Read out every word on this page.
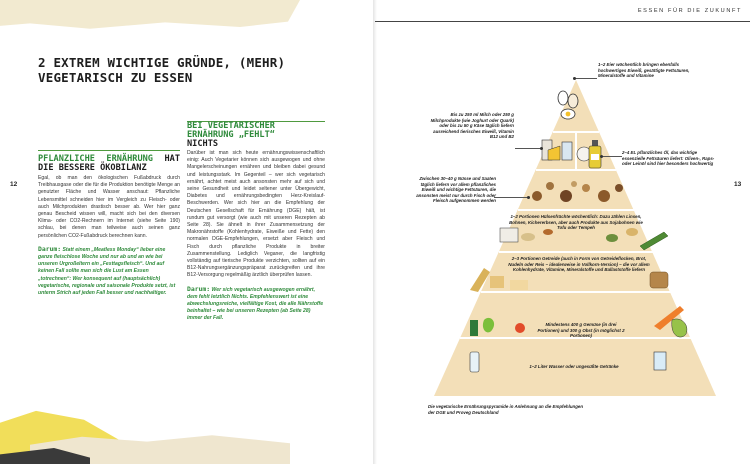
2 EXTREM WICHTIGE GRÜNDE, (MEHR)
VEGETARISCH ZU ESSEN
12
PFLANZLICHE ERNÄHRUNG HAT DIE BESSERE ÖKOBILANZ
Egal, ob man den ökologischen Fußabdruck durch Treibhausgase oder die für die Produktion benötigte Menge an genutzter Fläche und Wasser anschaut: Pflanzliche Lebensmittel schneiden hier im Vergleich zu Fleisch- oder auch Milchprodukten drastisch besser ab. Wer hier ganz genau Bescheid wissen will, macht sich bei den diversen Klima- oder CO2-Rechnern im Internet (siehe Seite 190) schlau, bei denen man teilweise auch seinen ganz persönlichen CO2-Fußabdruck berechnen kann.
Darum: Statt einem „Meatless Monday“ lieber eine ganze fleischlose Woche und nur ab und an wie bei unseren Urgroßeltern ein „Festtagsfleisch“. Und auf keinen Fall sollte man sich die Lust am Essen „totrechnen“: Wer konsequent auf (hauptsächlich) vegetarische, regionale und saisonale Produkte setzt, ist unterm Strich auf jeden Fall besser und nachhaltiger.
BEI VEGETARISCHER ERNÄHRUNG „FEHLT“
NICHTS
Darüber ist man sich heute ernährungswissenschaftlich einig: Auch Vegetarier können sich ausgewogen und ohne Mangelerscheinungen ernähren und bleiben dabei gesund und leistungsstark. Im Gegenteil – wer sich vegetarisch ernährt, achtet meist auch ansonsten mehr auf sich und seine Gesundheit und leidet seltener unter Übergewicht, Diabetes und ernährungsbedingten Herz-Kreislauf-Beschwerden. Wer sich hier an die Empfehlung der Deutschen Gesellschaft für Ernährung (DGE) hält, ist rundum gut versorgt (wie auch mit unseren Rezepten ab Seite 28). Sie ähnelt in ihrer Zusammensetzung der Makronährstoffe (Kohlenhydrate, Eiweiße und Fette) den normalen DGE-Empfehlungen, ersetzt aber Fleisch und Fisch durch pflanzliche Produkte in breiter Zusammenstellung. Lediglich Veganer, die langfristig vollständig auf tierische Produkte verzichten, sollten auf ein B12-Nahrungsergänzungspräparat zurückgreifen und ihre B12-Versorgung regelmäßig ärztlich überprüfen lassen.
Darum: Wer sich vegetarisch ausgewogen ernährt, dem fehlt letztlich Nichts. Empfehlenswert ist eine abwechslungsreiche, vielfältige Kost, die alle Nährstoffe beinhaltet – wie bei unseren Rezepten (ab Seite 28) immer der Fall.
ESSEN FÜR DIE ZUKUNFT
13
1–2 Eier wöchentlich bringen ebenfalls hochwertiges Eiweiß, gesättigte Fettsäuren, Mineralstoffe und Vitamine
Bis zu 250 ml Milch oder 250 g Milchprodukte (wie Joghurt oder Quark) oder bis zu 50 g Käse täglich liefern ausreichend tierisches Eiweiß, Vitamin B12 und B2
2–4 EL pflanzliches Öl, das wichtige essenzielle Fettsäuren liefert: Oliven-, Raps- oder Leinöl sind hier besonders hochwertig
Zwischen 30–40 g Nüsse und Saaten täglich liefern vor allem pflanzliches Eiweiß und wichtige Fettsäuren, die ansonsten meist nur durch Fisch oder Fleisch aufgenommen werden
1–2 Portionen Hülsenfrüchte wöchentlich: Dazu zählen Linsen, Bohnen, Kichererbsen, aber auch Produkte aus Sojabohnen wie Tofu oder Tempeh
2–3 Portionen Getreide (auch in Form von Getreideflocken, Brot, Nudeln oder Reis – idealerweise in Vollkorn-Version) – die vor allem Kohlenhydrate, Vitamine, Mineralstoffe und Ballaststoffe liefern
Mindestens 400 g Gemüse (in drei Portionen) und 300 g Obst (in möglichst 2 Portionen)
1–2 Liter Wasser oder ungesüßte Getränke
Die vegetarische Ernährungspyramide in Anlehnung an die Empfehlungen der DGE und Proveg Deutschland
